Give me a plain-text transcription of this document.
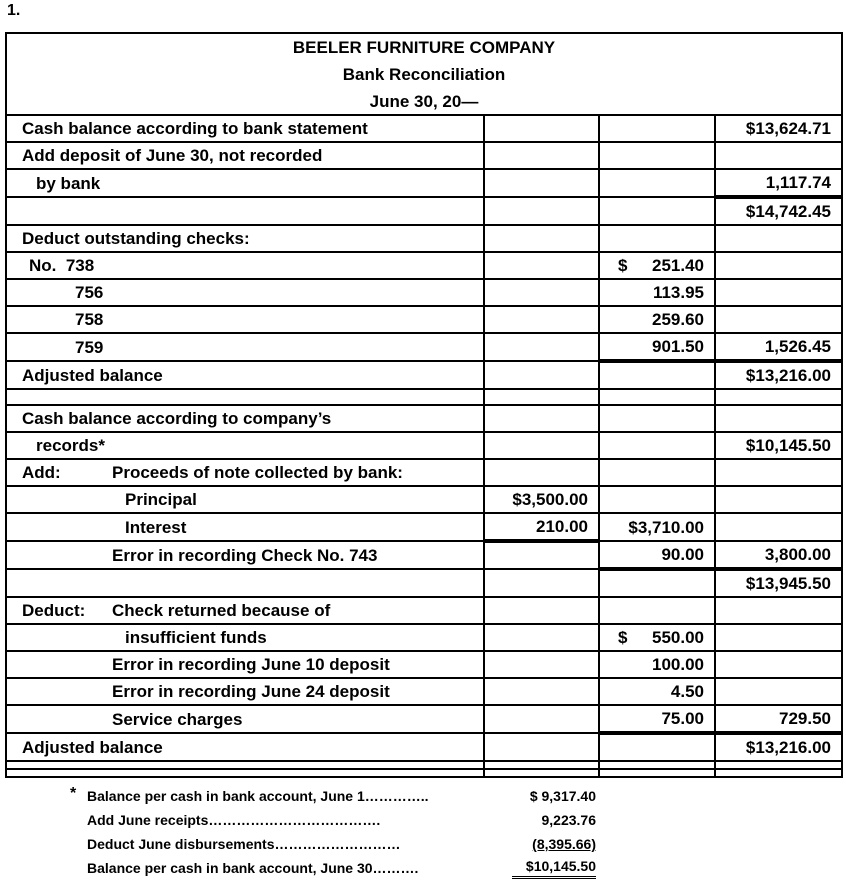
1.
BEELER FURNITURE COMPANY
Bank Reconciliation
June 30, 20—
Cash balance according to bank statement			$13,624.71
Add deposit of June 30, not recorded			
by bank			1,117.74
			$14,742.45
Deduct outstanding checks:			
No. 738		$ 251.40	
756		113.95	
758		259.60	
759		901.50	1,526.45
Adjusted balance			$13,216.00

Cash balance according to company’s			
records*			$10,145.50
Add: Proceeds of note collected by bank:			
Principal	$3,500.00		
Interest	210.00	$3,710.00	
Error in recording Check No. 743		90.00	3,800.00
			$13,945.50
Deduct: Check returned because of			
insufficient funds		$ 550.00	
Error in recording June 10 deposit		100.00	
Error in recording June 24 deposit		4.50	
Service charges		75.00	729.50
Adjusted balance			$13,216.00

* Balance per cash in bank account, June 1…………..	$ 9,317.40
Add June receipts……………………………….	9,223.76
Deduct June disbursements………………………	(8,395.66)
Balance per cash in bank account, June 30……….	$10,145.50
